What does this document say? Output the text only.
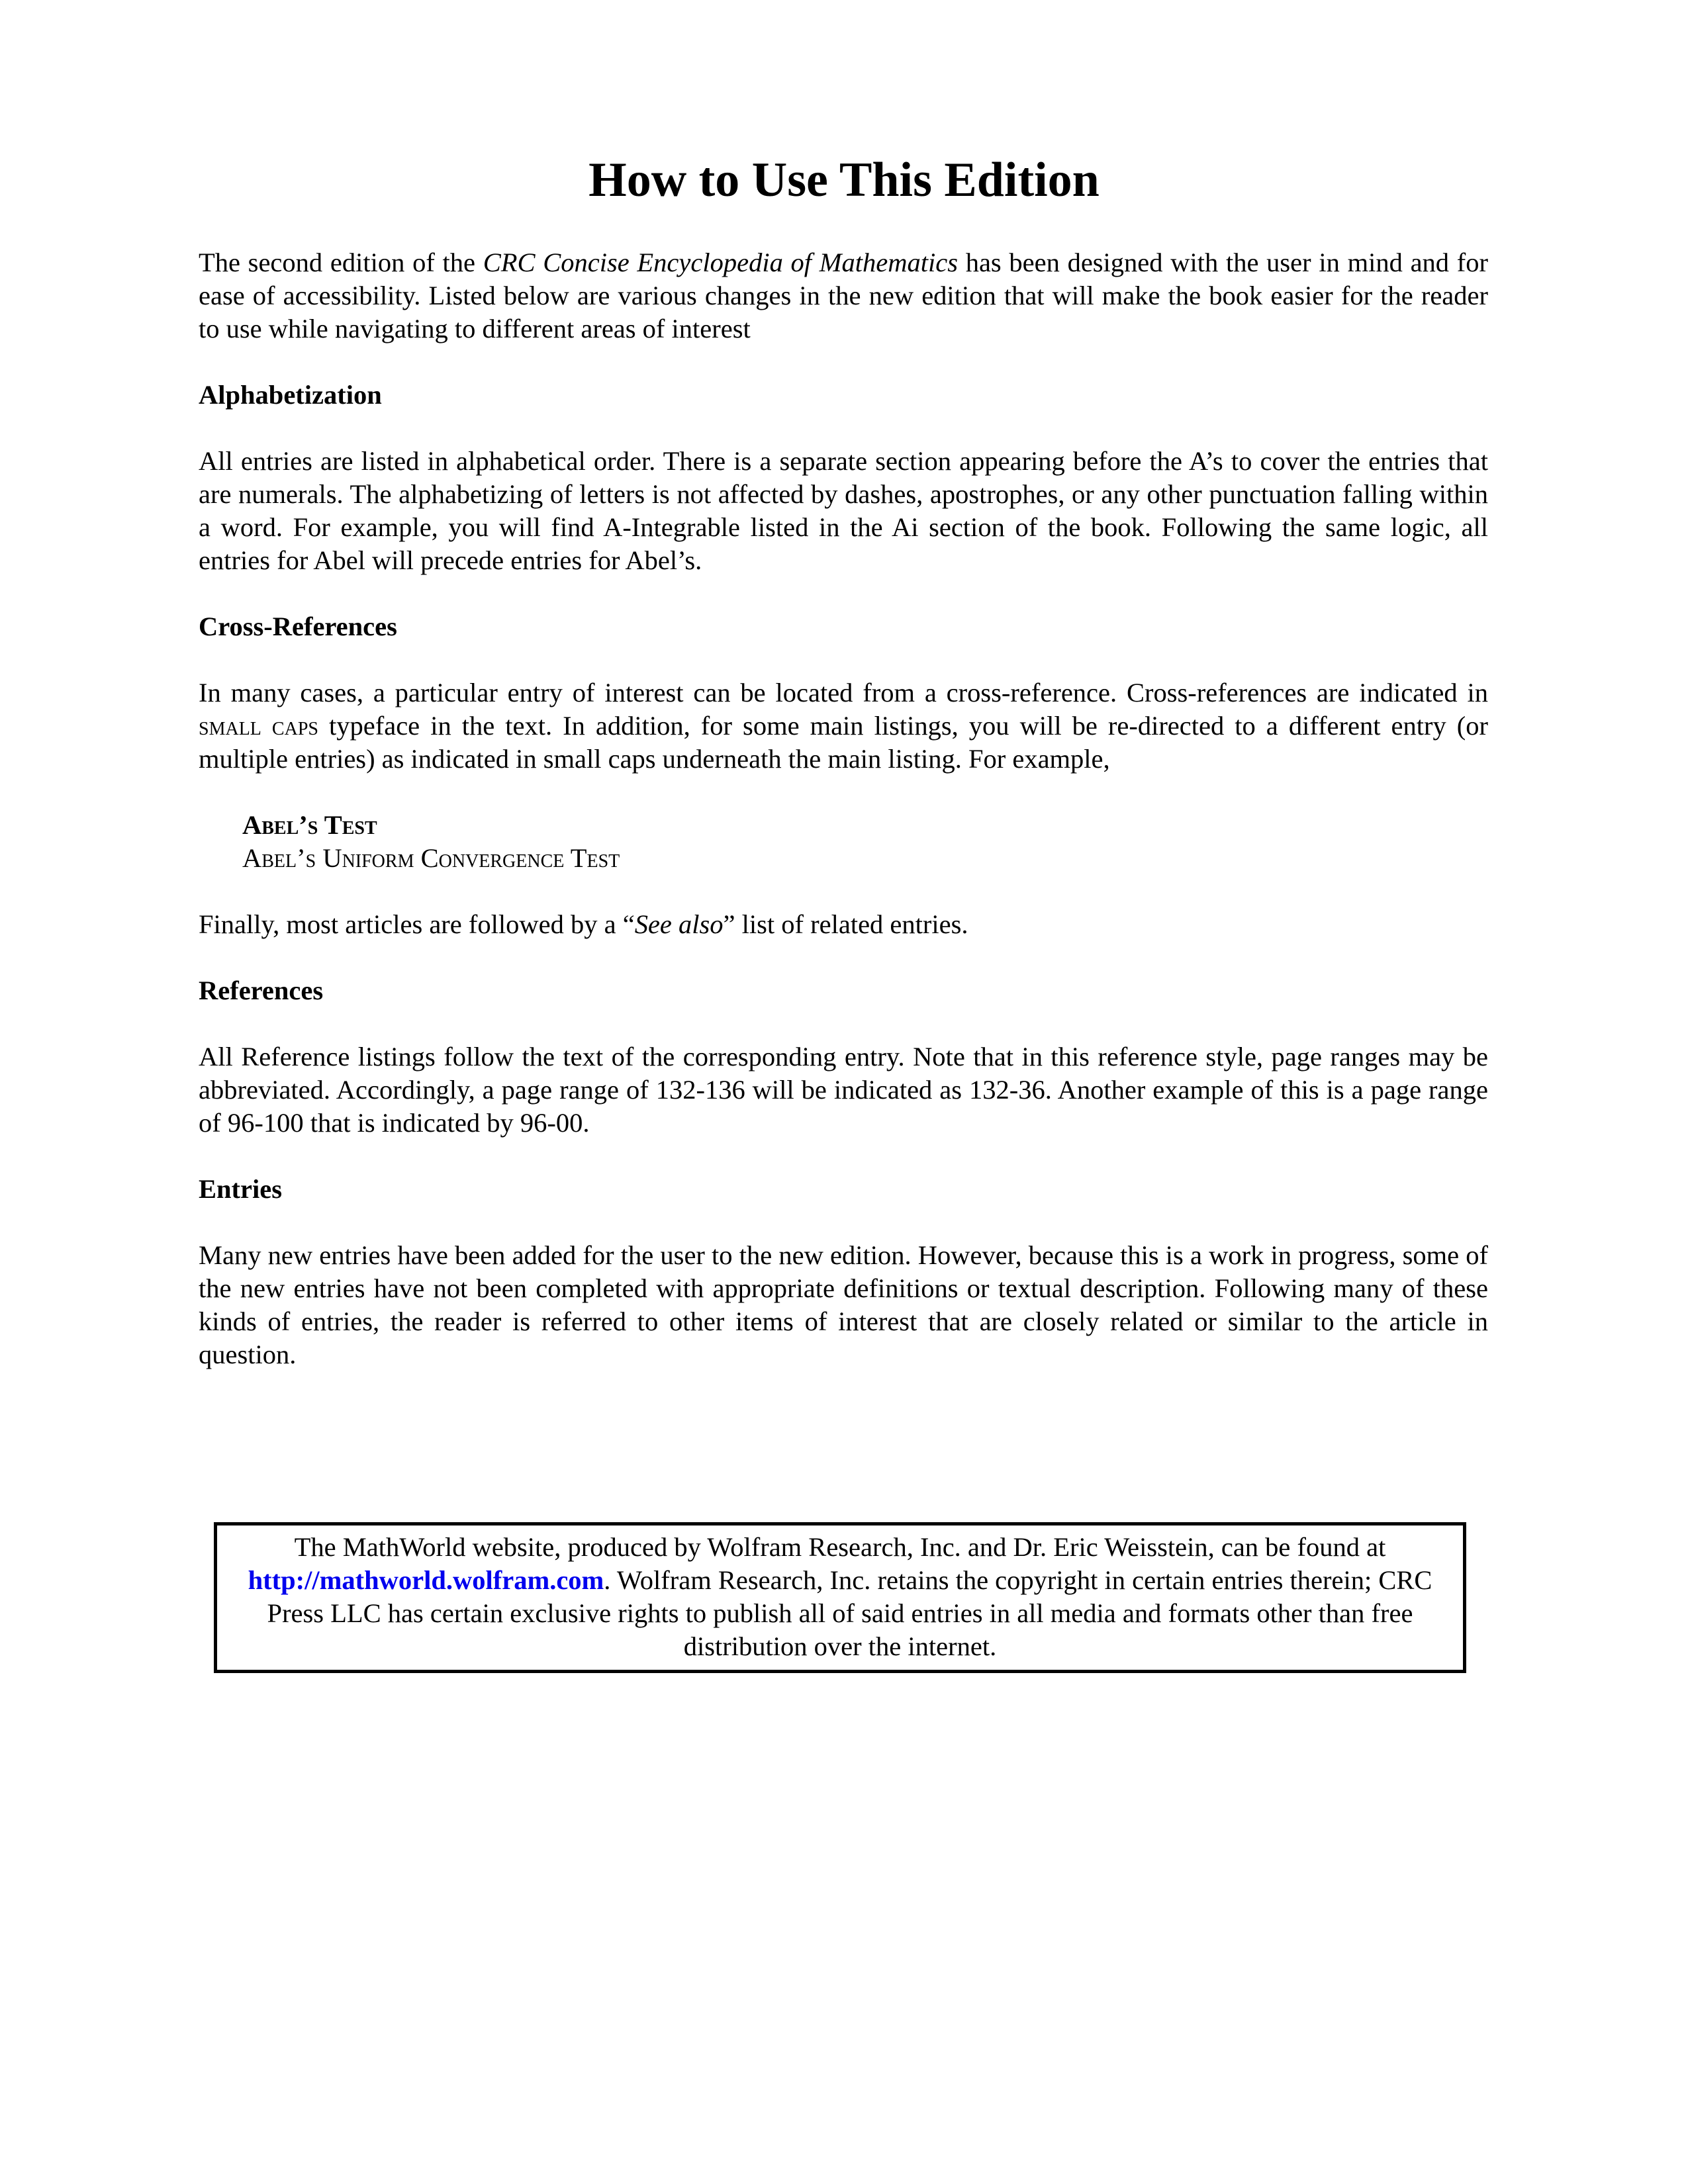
How to Use This Edition

The second edition of the CRC Concise Encyclopedia of Mathematics has been designed with the user in mind and for ease of accessibility. Listed below are various changes in the new edition that will make the book easier for the reader to use while navigating to different areas of interest

Alphabetization

All entries are listed in alphabetical order. There is a separate section appearing before the A’s to cover the entries that are numerals. The alphabetizing of letters is not affected by dashes, apostrophes, or any other punctuation falling within a word. For example, you will find A-Integrable listed in the Ai section of the book. Following the same logic, all entries for Abel will precede entries for Abel’s.

Cross-References

In many cases, a particular entry of interest can be located from a cross-reference. Cross-references are indicated in small caps typeface in the text. In addition, for some main listings, you will be re-directed to a different entry (or multiple entries) as indicated in small caps underneath the main listing. For example,

Abel’s Test
Abel’s Uniform Convergence Test

Finally, most articles are followed by a “See also” list of related entries.

References

All Reference listings follow the text of the corresponding entry. Note that in this reference style, page ranges may be abbreviated. Accordingly, a page range of 132-136 will be indicated as 132-36. Another example of this is a page range of 96-100 that is indicated by 96-00.

Entries

Many new entries have been added for the user to the new edition. However, because this is a work in progress, some of the new entries have not been completed with appropriate definitions or textual description. Following many of these kinds of entries, the reader is referred to other items of interest that are closely related or similar to the article in question.

The MathWorld website, produced by Wolfram Research, Inc. and Dr. Eric Weisstein, can be found at
http://mathworld.wolfram.com. Wolfram Research, Inc. retains the copyright in certain entries therein; CRC Press LLC has certain exclusive rights to publish all of said entries in all media and formats other than free distribution over the internet.
